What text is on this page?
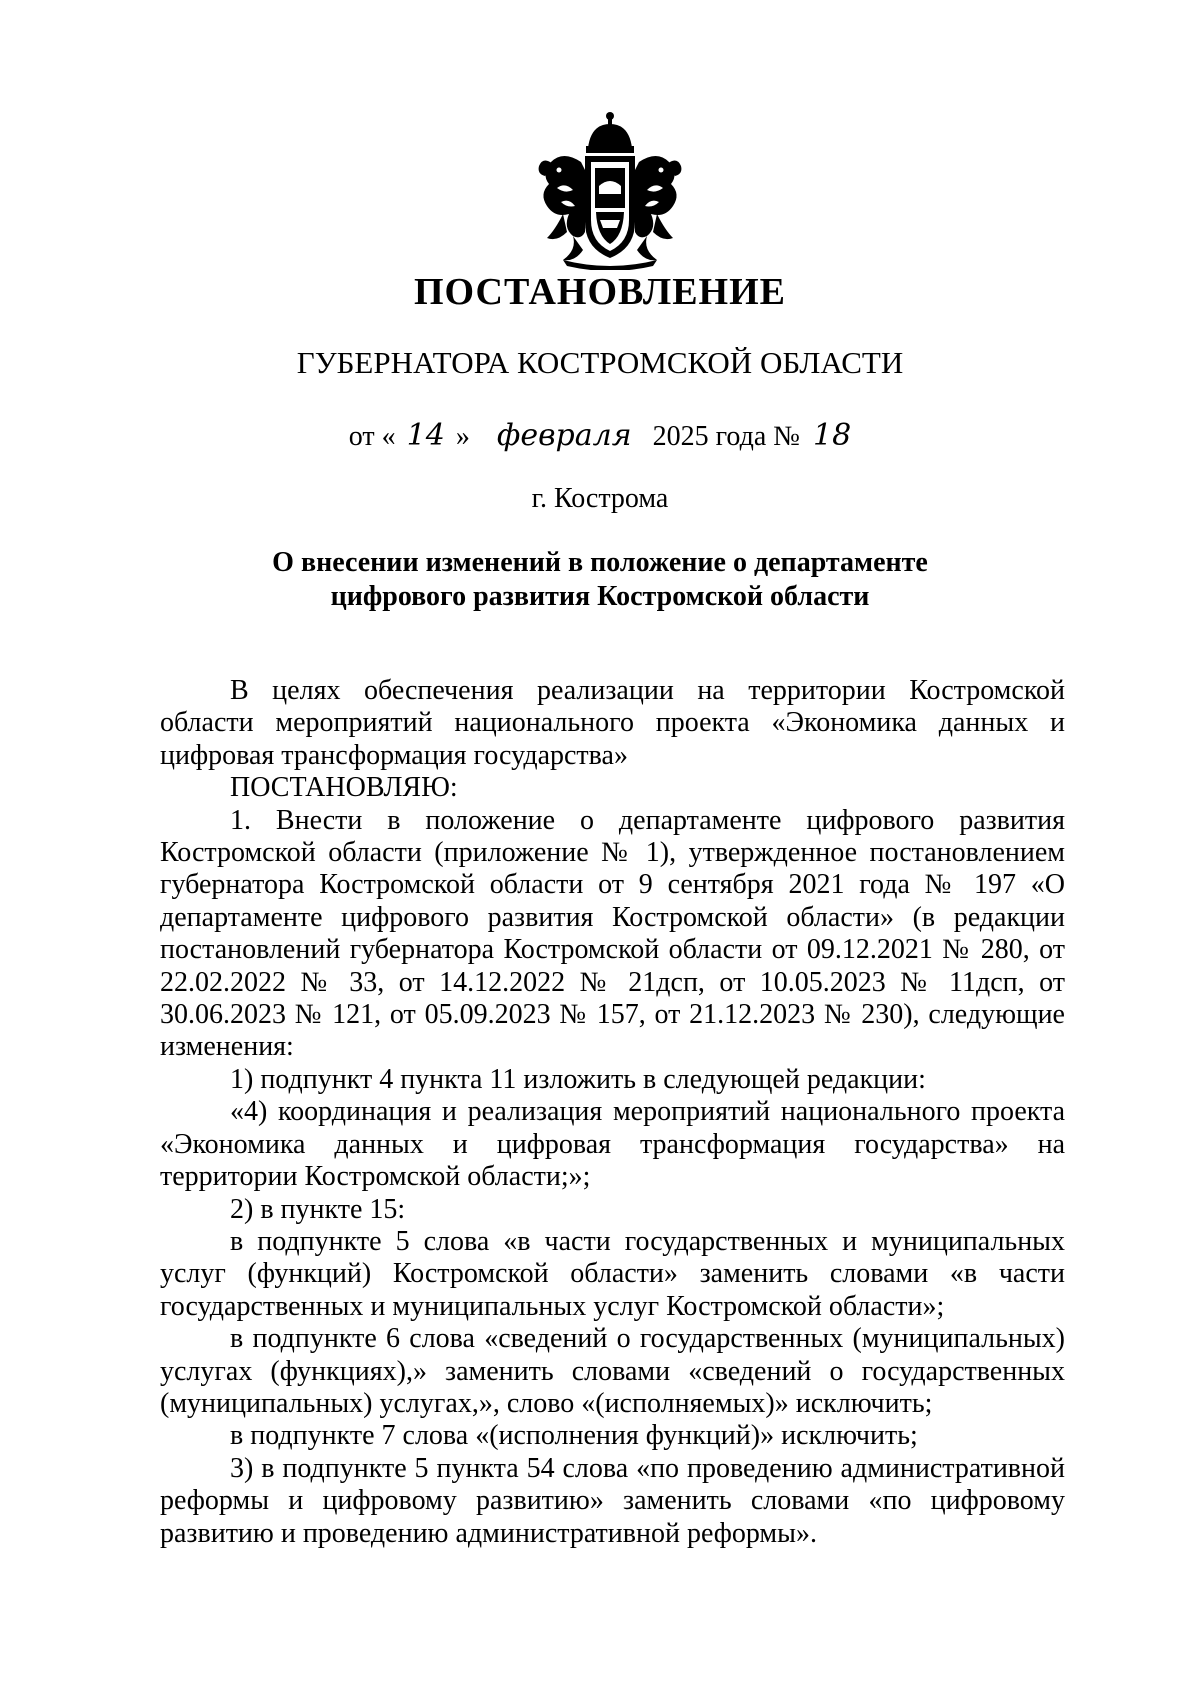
ПОСТАНОВЛЕНИЕ
ГУБЕРНАТОРА КОСТРОМСКОЙ ОБЛАСТИ
от « 14 » февраля 2025 года № 18
г. Кострома
О внесении изменений в положение о департаменте
цифрового развития Костромской области

В целях обеспечения реализации на территории Костромской области мероприятий национального проекта «Экономика данных и цифровая трансформация государства»

ПОСТАНОВЛЯЮ:

1. Внести в положение о департаменте цифрового развития Костромской области (приложение № 1), утвержденное постановлением губернатора Костромской области от 9 сентября 2021 года № 197 «О департаменте цифрового развития Костромской области» (в редакции постановлений губернатора Костромской области от 09.12.2021 № 280, от 22.02.2022 № 33, от 14.12.2022 № 21дсп, от 10.05.2023 № 11дсп, от 30.06.2023 № 121, от 05.09.2023 № 157, от 21.12.2023 № 230), следующие изменения:

1) подпункт 4 пункта 11 изложить в следующей редакции:

«4) координация и реализация мероприятий национального проекта «Экономика данных и цифровая трансформация государства» на территории Костромской области;»;

2) в пункте 15:

в подпункте 5 слова «в части государственных и муниципальных услуг (функций) Костромской области» заменить словами «в части государственных и муниципальных услуг Костромской области»;

в подпункте 6 слова «сведений о государственных (муниципальных) услугах (функциях),» заменить словами «сведений о государственных (муниципальных) услугах,», слово «(исполняемых)» исключить;

в подпункте 7 слова «(исполнения функций)» исключить;

3) в подпункте 5 пункта 54 слова «по проведению административной реформы и цифровому развитию» заменить словами «по цифровому развитию и проведению административной реформы».
